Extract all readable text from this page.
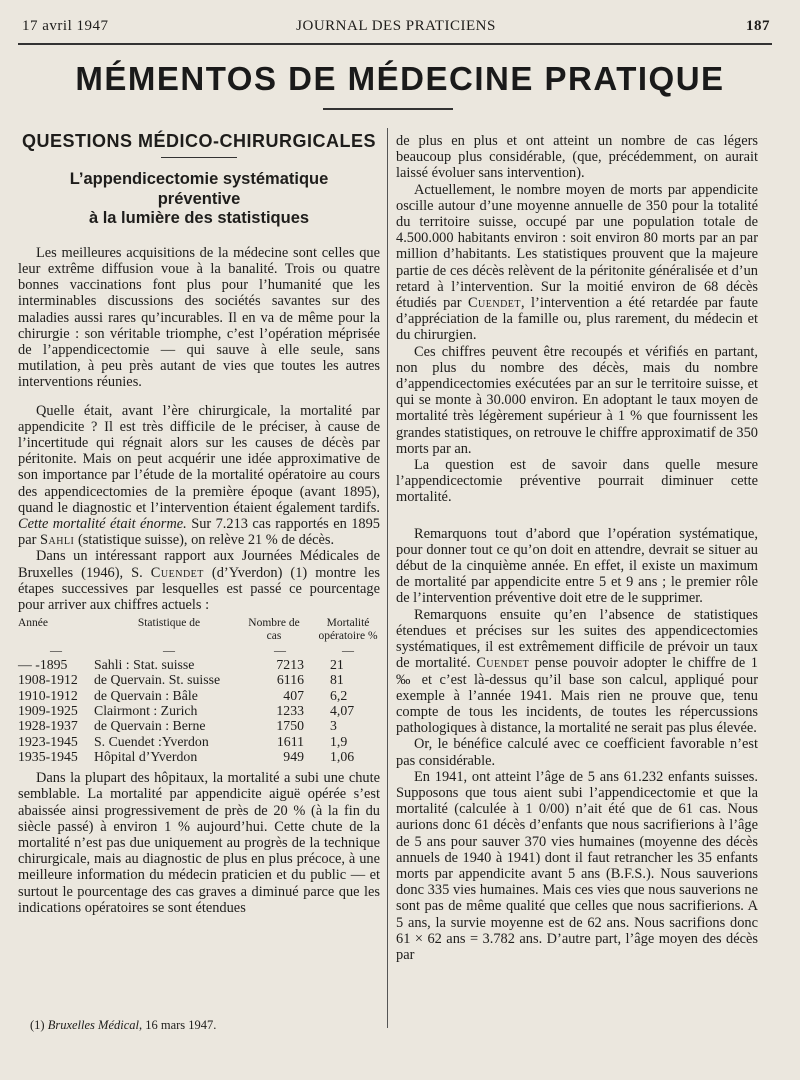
17 avril 1947	JOURNAL DES PRATICIENS	187
MÉMENTOS DE MÉDECINE PRATIQUE
QUESTIONS MÉDICO-CHIRURGICALES
L’appendicectomie systématique
préventive
à la lumière des statistiques

Les meilleures acquisitions de la médecine sont celles que leur extrême diffusion voue à la banalité. Trois ou quatre bonnes vaccinations font plus pour l’humanité que les interminables discussions des sociétés savantes sur des maladies aussi rares qu’incurables. Il en va de même pour la chirurgie : son véritable triomphe, c’est l’opération méprisée de l’appendicectomie — qui sauve à elle seule, sans mutilation, à peu près autant de vies que toutes les autres interventions réunies.

Quelle était, avant l’ère chirurgicale, la mortalité par appendicite ? Il est très difficile de le préciser, à cause de l’incertitude qui régnait alors sur les causes de décès par péritonite. Mais on peut acquérir une idée approximative de son importance par l’étude de la mortalité opératoire au cours des appendicectomies de la première époque (avant 1895), quand le diagnostic et l’intervention étaient également tardifs. Cette mortalité était énorme. Sur 7.213 cas rapportés en 1895 par Sahli (statistique suisse), on relève 21 % de décès.

Dans un intéressant rapport aux Journées Médicales de Bruxelles (1946), S. Cuendet (d’Yverdon) (1) montre les étapes successives par lesquelles est passé ce pourcentage pour arriver aux chiffres actuels :

Année	Statistique de	Nombre de cas	Mortalité opératoire %
—	—	—	—
— -1895	Sahli : Stat. suisse	7213	21
1908-1912	de Quervain. St. suisse	6116	81
1910-1912	de Quervain : Bâle	407	6,2
1909-1925	Clairmont : Zurich	1233	4,07
1928-1937	de Quervain : Berne	1750	3
1923-1945	S. Cuendet :Yverdon	1611	1,9
1935-1945	Hôpital d’Yverdon	949	1,06

Dans la plupart des hôpitaux, la mortalité a subi une chute semblable. La mortalité par appendicite aiguë opérée s’est abaissée ainsi progressivement de près de 20 % (à la fin du siècle passé) à environ 1 % aujourd’hui. Cette chute de la mortalité n’est pas due uniquement au progrès de la technique chirurgicale, mais au diagnostic de plus en plus précoce, à une meilleure information du médecin praticien et du public — et surtout le pourcentage des cas graves a diminué parce que les indications opératoires se sont étendues

de plus en plus et ont atteint un nombre de cas légers beaucoup plus considérable, (que, précédemment, on aurait laissé évoluer sans intervention).

Actuellement, le nombre moyen de morts par appendicite oscille autour d’une moyenne annuelle de 350 pour la totalité du territoire suisse, occupé par une population totale de 4.500.000 habitants environ : soit environ 80 morts par an par million d’habitants. Les statistiques prouvent que la majeure partie de ces décès relèvent de la péritonite généralisée et d’un retard à l’intervention. Sur la moitié environ de 68 décès étudiés par Cuendet, l’intervention a été retardée par faute d’appréciation de la famille ou, plus rarement, du médecin et du chirurgien.

Ces chiffres peuvent être recoupés et vérifiés en partant, non plus du nombre des décès, mais du nombre d’appendicectomies exécutées par an sur le territoire suisse, et qui se monte à 30.000 environ. En adoptant le taux moyen de mortalité très légèrement supérieur à 1 % que fournissent les grandes statistiques, on retrouve le chiffre approximatif de 350 morts par an.

La question est de savoir dans quelle mesure l’appendicectomie préventive pourrait diminuer cette mortalité.

Remarquons tout d’abord que l’opération systématique, pour donner tout ce qu’on doit en attendre, devrait se situer au début de la cinquième année. En effet, il existe un maximum de mortalité par appendicite entre 5 et 9 ans ; le premier rôle de l’intervention préventive doit etre de le supprimer.

Remarquons ensuite qu’en l’absence de statistiques étendues et précises sur les suites des appendicectomies systématiques, il est extrêmement difficile de prévoir un taux de mortalité. Cuendet pense pouvoir adopter le chiffre de 1 ‰ et c’est là-dessus qu’il base son calcul, appliqué pour exemple à l’année 1941. Mais rien ne prouve que, tenu compte de tous les incidents, de toutes les répercussions pathologiques à distance, la mortalité ne serait pas plus élevée.

Or, le bénéfice calculé avec ce coefficient favorable n’est pas considérable.

En 1941, ont atteint l’âge de 5 ans 61.232 enfants suisses. Supposons que tous aient subi l’appendicectomie et que la mortalité (calculée à 1 0/00) n’ait été que de 61 cas. Nous aurions donc 61 décès d’enfants que nous sacrifierions à l’âge de 5 ans pour sauver 370 vies humaines (moyenne des décès annuels de 1940 à 1941) dont il faut retrancher les 35 enfants morts par appendicite avant 5 ans (B.F.S.). Nous sauverions donc 335 vies humaines. Mais ces vies que nous sauverions ne sont pas de même qualité que celles que nous sacrifierions. A 5 ans, la survie moyenne est de 62 ans. Nous sacrifions donc 61 × 62 ans = 3.782 ans. D’autre part, l’âge moyen des décès par

(1) Bruxelles Médical, 16 mars 1947.
